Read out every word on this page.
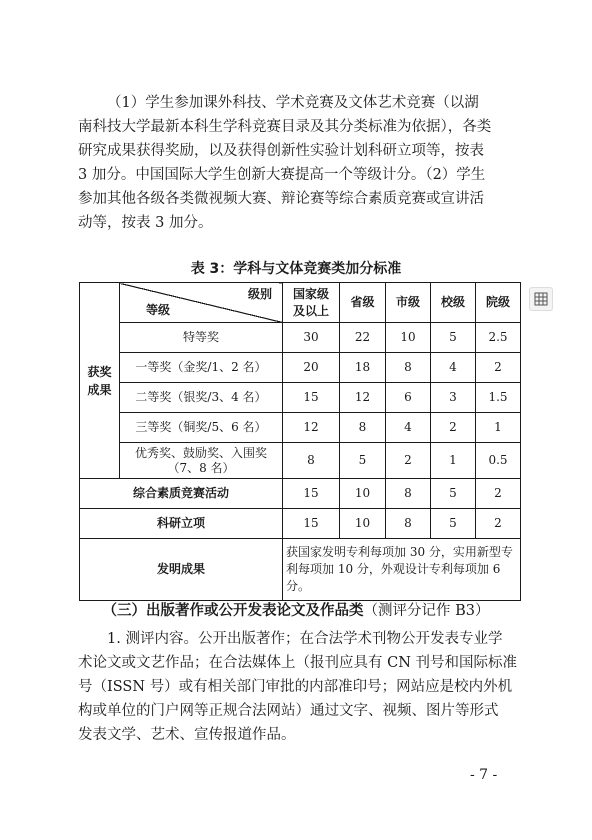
（1）学生参加课外科技、学术竞赛及文体艺术竞赛（以湖
南科技大学最新本科生学科竞赛目录及其分类标准为依据），各类
研究成果获得奖励，以及获得创新性实验计划科研立项等，按表
3 加分。中国国际大学生创新大赛提高一个等级计分。（2）学生
参加其他各级各类微视频大赛、辩论赛等综合素质竞赛或宣讲活
动等，按表 3 加分。

表 3：学科与文体竞赛类加分标准
获奖成果	级别
等级	国家级及以上	省级	市级	校级	院级
	特等奖	30	22	10	5	2.5
	一等奖（金奖/1、2 名）	20	18	8	4	2
	二等奖（银奖/3、4 名）	15	12	6	3	1.5
	三等奖（铜奖/5、6 名）	12	8	4	2	1
	优秀奖、鼓励奖、入围奖（7、8 名）	8	5	2	1	0.5
综合素质竞赛活动		15	10	8	5	2
科研立项		15	10	8	5	2
发明成果		获国家发明专利每项加 30 分，实用新型专利每项加 10 分，外观设计专利每项加 6 分。				
（三）出版著作或公开发表论文及作品类（测评分记作 B3）

1. 测评内容。公开出版著作；在合法学术刊物公开发表专业学
术论文或文艺作品；在合法媒体上（报刊应具有 CN 刊号和国际标准
号（ISSN 号）或有相关部门审批的内部准印号；网站应是校内外机
构或单位的门户网等正规合法网站）通过文字、视频、图片等形式
发表文学、艺术、宣传报道作品。

- 7 -
